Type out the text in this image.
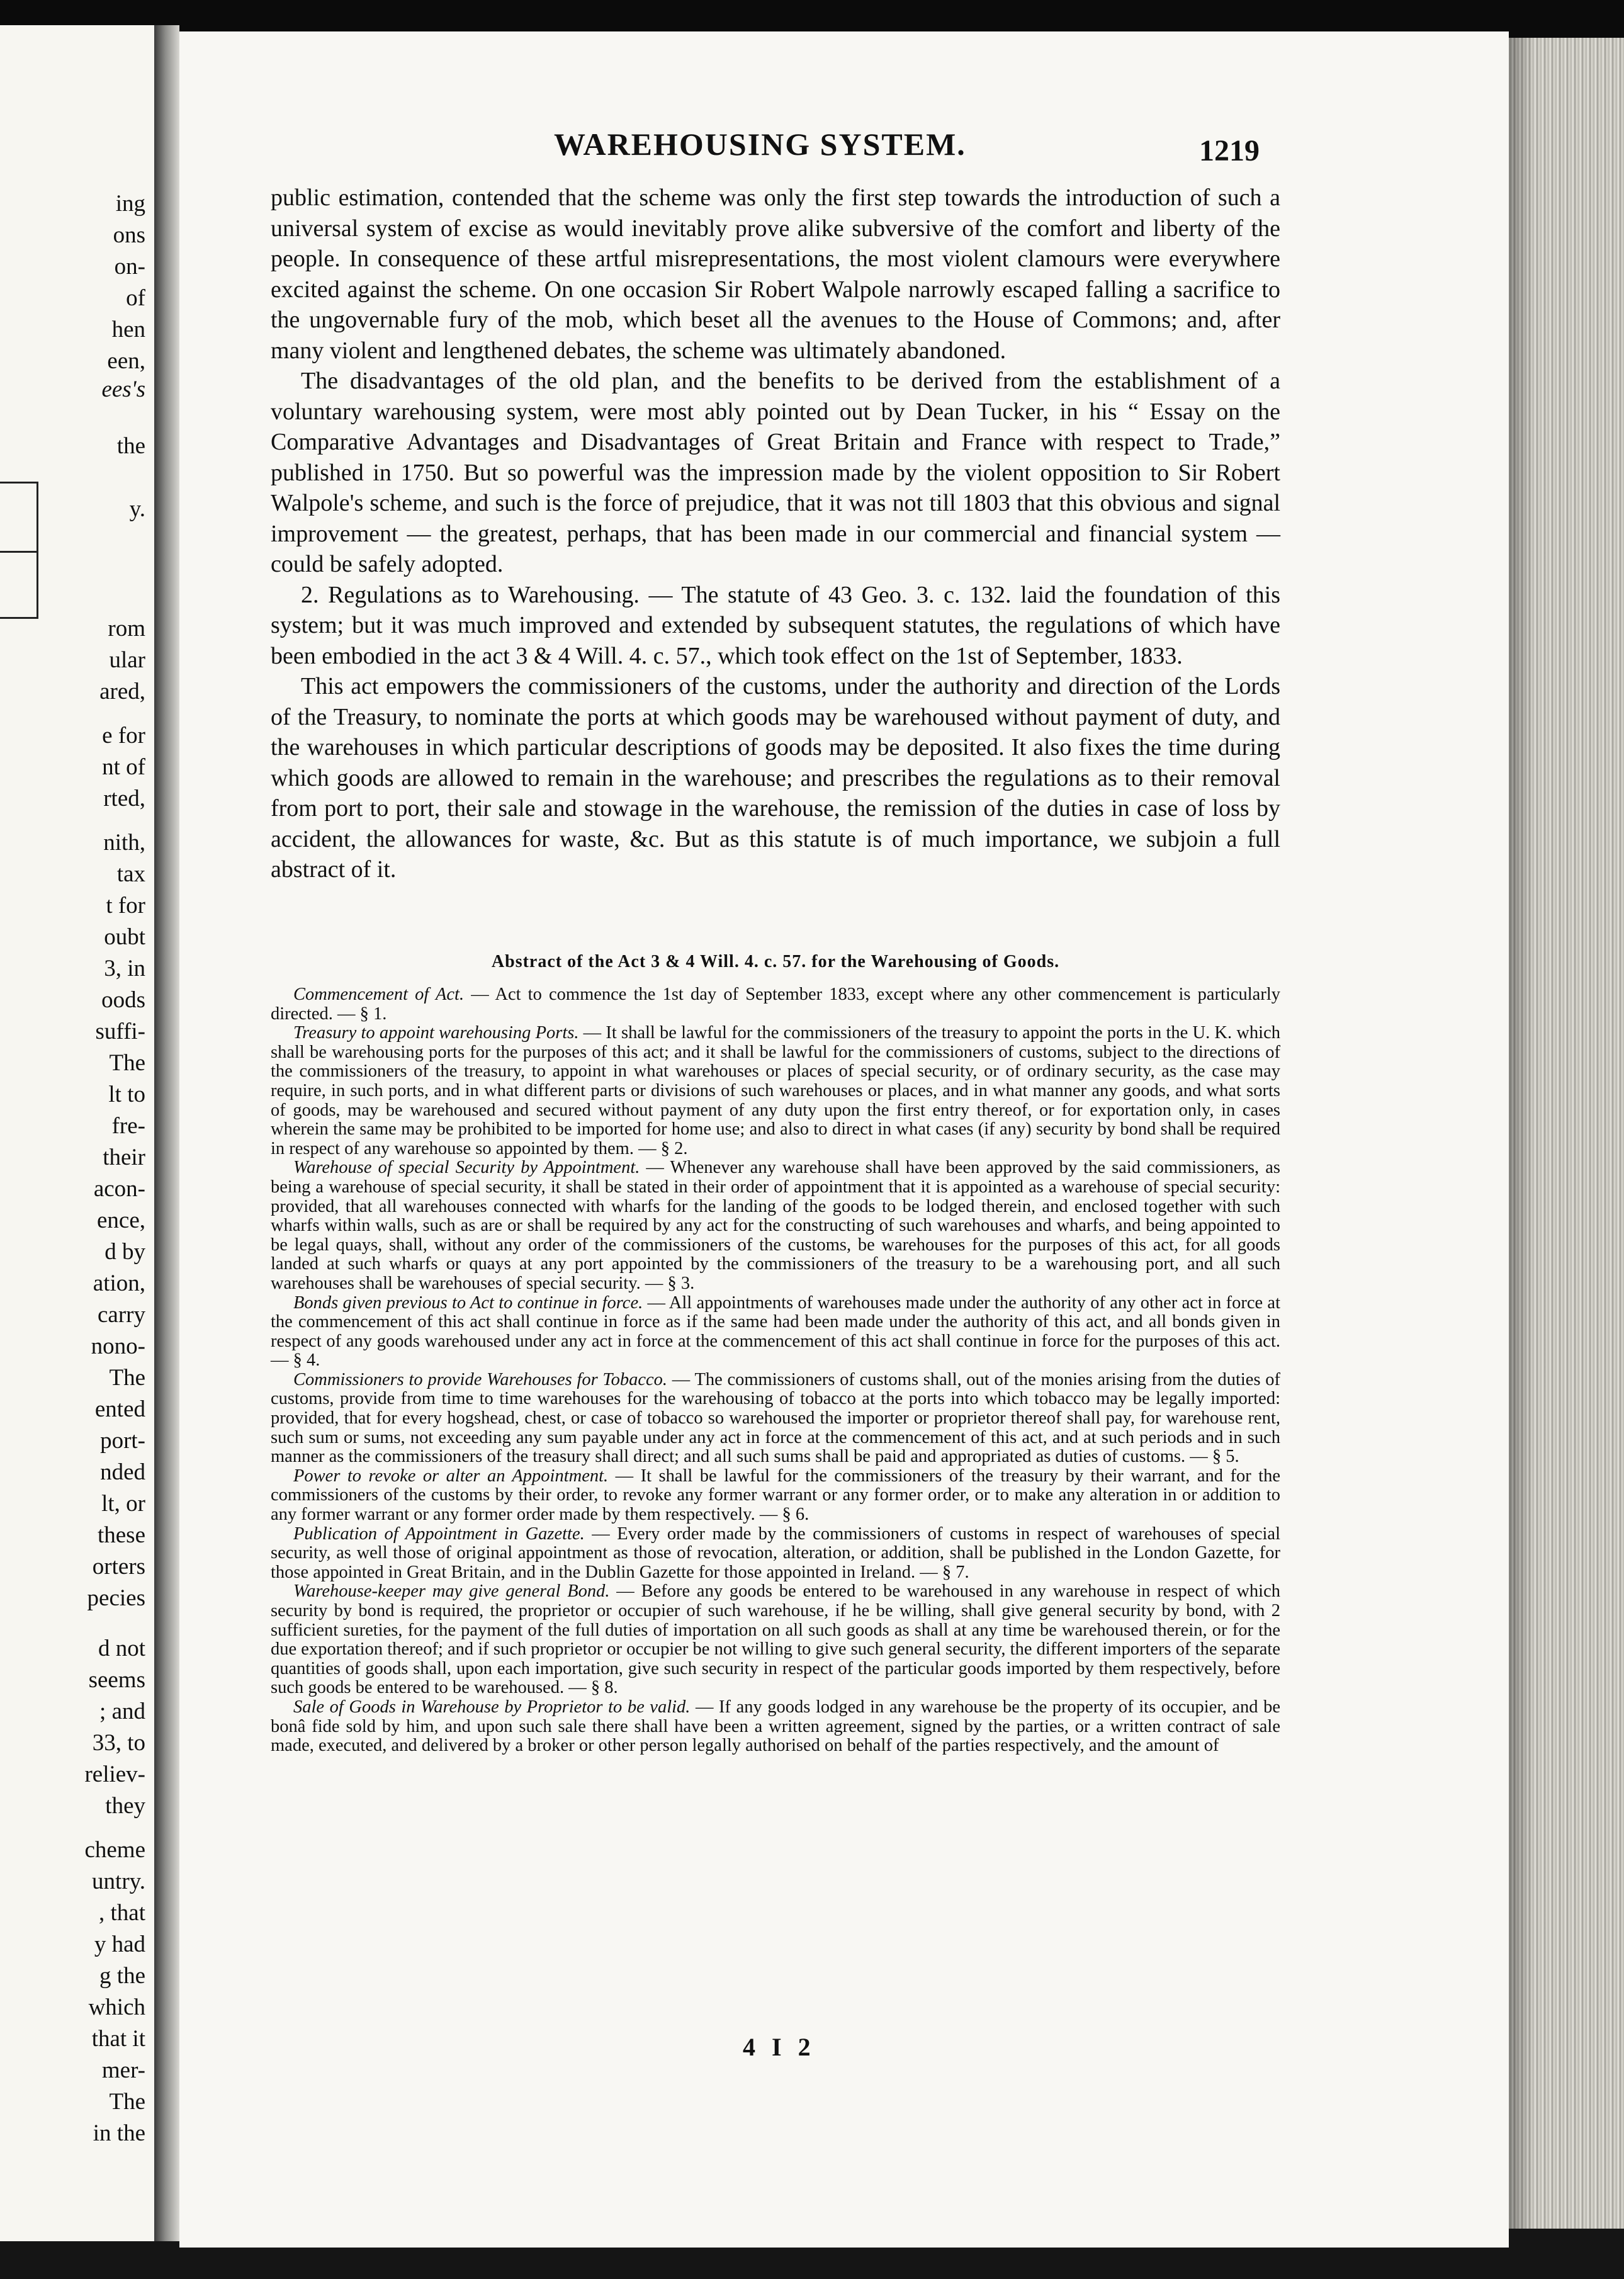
ing
ons
on-
of
hen
een,
ees's
the
y.
rom
ular
ared,
e for
nt of
rted,
nith,
tax
t for
oubt
3, in
oods
suffi-
The
lt to
fre-
their
acon-
ence,
d by
ation,
carry
nono-
The
ented
port-
nded
lt, or
these
orters
pecies
d not
seems
; and
33, to
reliev-
they
cheme
untry.
, that
y had
g the
which
that it
mer-
The
in the
WAREHOUSING SYSTEM.	1219

public estimation, contended that the scheme was only the first step towards the introduction of such a universal system of excise as would inevitably prove alike subversive of the comfort and liberty of the people. In consequence of these artful misrepresentations, the most violent clamours were everywhere excited against the scheme. On one occasion Sir Robert Walpole narrowly escaped falling a sacrifice to the ungovernable fury of the mob, which beset all the avenues to the House of Commons; and, after many violent and lengthened debates, the scheme was ultimately abandoned.

The disadvantages of the old plan, and the benefits to be derived from the establishment of a voluntary warehousing system, were most ably pointed out by Dean Tucker, in his “ Essay on the Comparative Advantages and Disadvantages of Great Britain and France with respect to Trade,” published in 1750. But so powerful was the impression made by the violent opposition to Sir Robert Walpole's scheme, and such is the force of prejudice, that it was not till 1803 that this obvious and signal improvement — the greatest, perhaps, that has been made in our commercial and financial system — could be safely adopted.

2. Regulations as to Warehousing. — The statute of 43 Geo. 3. c. 132. laid the foundation of this system; but it was much improved and extended by subsequent statutes, the regulations of which have been embodied in the act 3 & 4 Will. 4. c. 57., which took effect on the 1st of September, 1833.

This act empowers the commissioners of the customs, under the authority and direction of the Lords of the Treasury, to nominate the ports at which goods may be warehoused without payment of duty, and the warehouses in which particular descriptions of goods may be deposited. It also fixes the time during which goods are allowed to remain in the warehouse; and prescribes the regulations as to their removal from port to port, their sale and stowage in the warehouse, the remission of the duties in case of loss by accident, the allowances for waste, &c. But as this statute is of much importance, we subjoin a full abstract of it.

Abstract of the Act 3 & 4 Will. 4. c. 57. for the Warehousing of Goods.

Commencement of Act. — Act to commence the 1st day of September 1833, except where any other commencement is particularly directed. — § 1.

Treasury to appoint warehousing Ports. — It shall be lawful for the commissioners of the treasury to appoint the ports in the U. K. which shall be warehousing ports for the purposes of this act; and it shall be lawful for the commissioners of customs, subject to the directions of the commissioners of the treasury, to appoint in what warehouses or places of special security, or of ordinary security, as the case may require, in such ports, and in what different parts or divisions of such warehouses or places, and in what manner any goods, and what sorts of goods, may be warehoused and secured without payment of any duty upon the first entry thereof, or for exportation only, in cases wherein the same may be prohibited to be imported for home use; and also to direct in what cases (if any) security by bond shall be required in respect of any warehouse so appointed by them. — § 2.

Warehouse of special Security by Appointment. — Whenever any warehouse shall have been approved by the said commissioners, as being a warehouse of special security, it shall be stated in their order of appointment that it is appointed as a warehouse of special security: provided, that all warehouses connected with wharfs for the landing of the goods to be lodged therein, and enclosed together with such wharfs within walls, such as are or shall be required by any act for the constructing of such warehouses and wharfs, and being appointed to be legal quays, shall, without any order of the commissioners of the customs, be warehouses for the purposes of this act, for all goods landed at such wharfs or quays at any port appointed by the commissioners of the treasury to be a warehousing port, and all such warehouses shall be warehouses of special security. — § 3.

Bonds given previous to Act to continue in force. — All appointments of warehouses made under the authority of any other act in force at the commencement of this act shall continue in force as if the same had been made under the authority of this act, and all bonds given in respect of any goods warehoused under any act in force at the commencement of this act shall continue in force for the purposes of this act. — § 4.

Commissioners to provide Warehouses for Tobacco. — The commissioners of customs shall, out of the monies arising from the duties of customs, provide from time to time warehouses for the warehousing of tobacco at the ports into which tobacco may be legally imported: provided, that for every hogshead, chest, or case of tobacco so warehoused the importer or proprietor thereof shall pay, for warehouse rent, such sum or sums, not exceeding any sum payable under any act in force at the commencement of this act, and at such periods and in such manner as the commissioners of the treasury shall direct; and all such sums shall be paid and appropriated as duties of customs. — § 5.

Power to revoke or alter an Appointment. — It shall be lawful for the commissioners of the treasury by their warrant, and for the commissioners of the customs by their order, to revoke any former warrant or any former order, or to make any alteration in or addition to any former warrant or any former order made by them respectively. — § 6.

Publication of Appointment in Gazette. — Every order made by the commissioners of customs in respect of warehouses of special security, as well those of original appointment as those of revocation, alteration, or addition, shall be published in the London Gazette, for those appointed in Great Britain, and in the Dublin Gazette for those appointed in Ireland. — § 7.

Warehouse-keeper may give general Bond. — Before any goods be entered to be warehoused in any warehouse in respect of which security by bond is required, the proprietor or occupier of such warehouse, if he be willing, shall give general security by bond, with 2 sufficient sureties, for the payment of the full duties of importation on all such goods as shall at any time be warehoused therein, or for the due exportation thereof; and if such proprietor or occupier be not willing to give such general security, the different importers of the separate quantities of goods shall, upon each importation, give such security in respect of the particular goods imported by them respectively, before such goods be entered to be warehoused. — § 8.

Sale of Goods in Warehouse by Proprietor to be valid. — If any goods lodged in any warehouse be the property of its occupier, and be bonâ fide sold by him, and upon such sale there shall have been a written agreement, signed by the parties, or a written contract of sale made, executed, and delivered by a broker or other person legally authorised on behalf of the parties respectively, and the amount of

4 I 2
